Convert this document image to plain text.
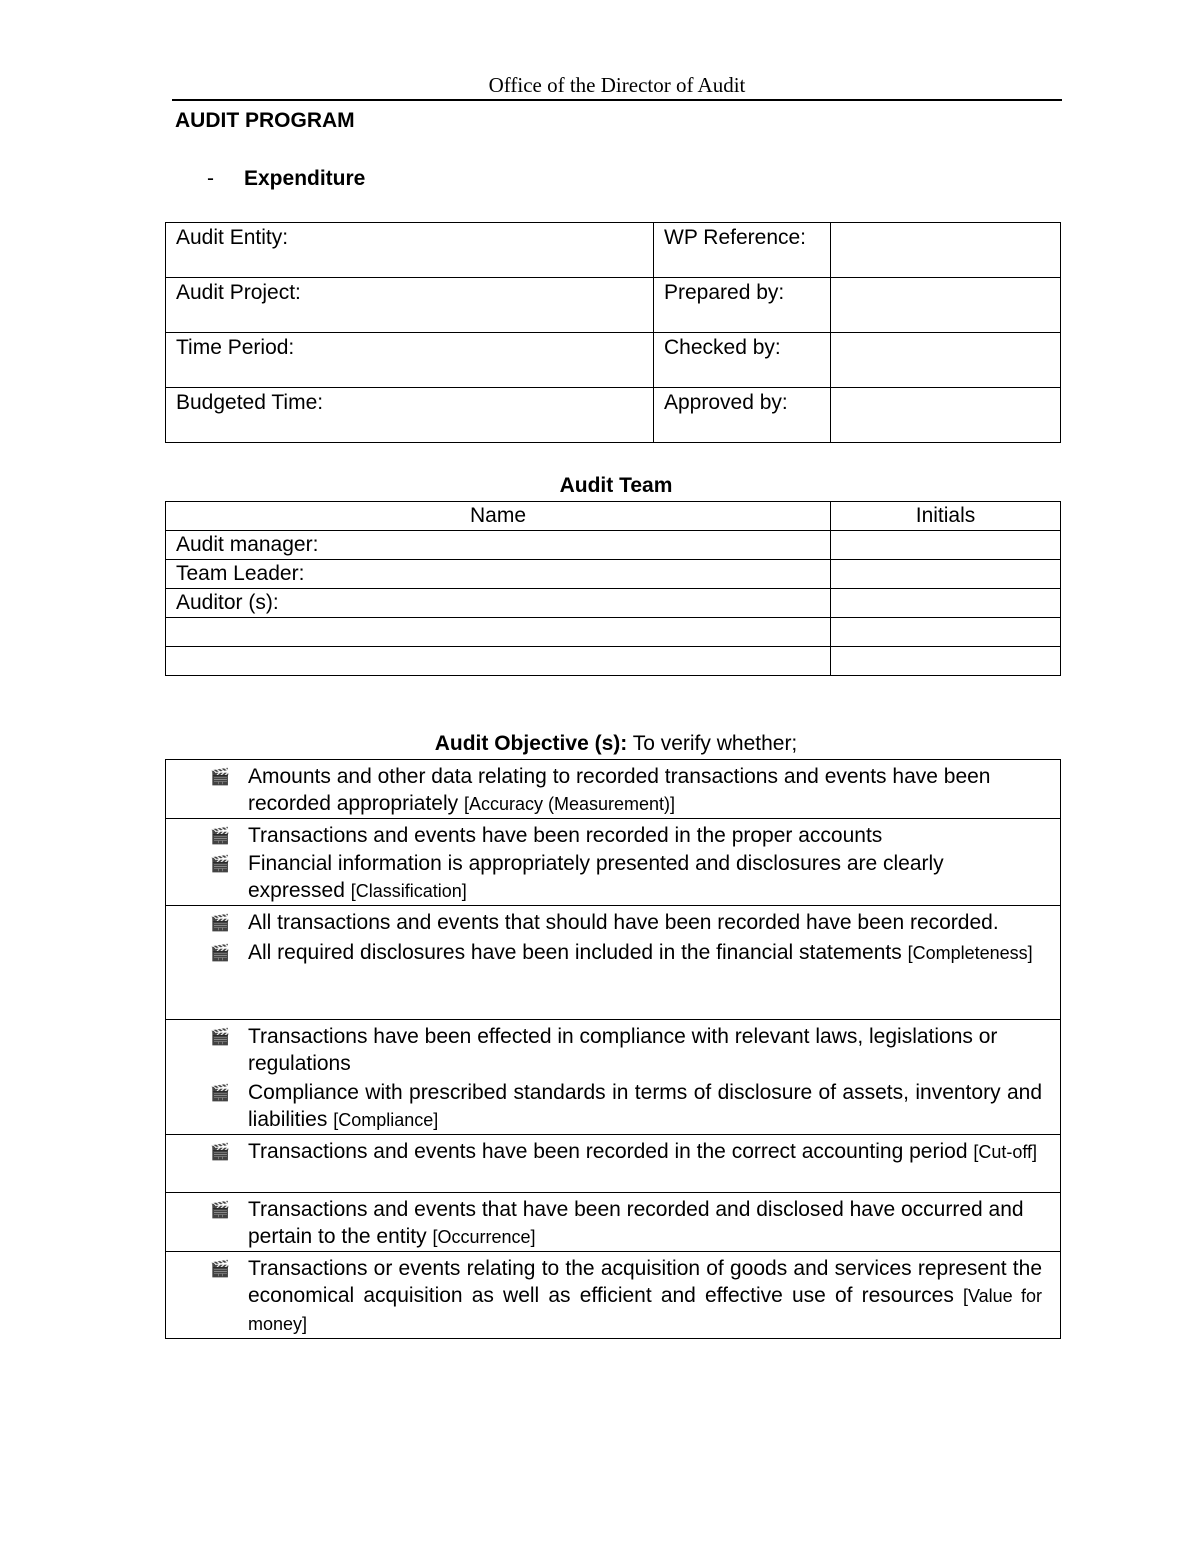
Office of the Director of Audit
AUDIT PROGRAM
- Expenditure
Audit Entity:	WP Reference:	
Audit Project:	Prepared by:	
Time Period:	Checked by:	
Budgeted Time:	Approved by:	
Audit Team
Name	Initials
Audit manager:	
Team Leader:	
Auditor (s):	

Audit Objective (s): To verify whether;
🎬 Amounts and other data relating to recorded transactions and events have been recorded appropriately [Accuracy (Measurement)]

🎬 Transactions and events have been recorded in the proper accounts
🎬 Financial information is appropriately presented and disclosures are clearly expressed [Classification]

🎬 All transactions and events that should have been recorded have been recorded.
🎬 All required disclosures have been included in the financial statements [Completeness]

🎬 Transactions have been effected in compliance with relevant laws, legislations or regulations
🎬 Compliance with prescribed standards in terms of disclosure of assets, inventory and liabilities [Compliance]

🎬 Transactions and events have been recorded in the correct accounting period [Cut-off]

🎬 Transactions and events that have been recorded and disclosed have occurred and pertain to the entity [Occurrence]

🎬 Transactions or events relating to the acquisition of goods and services represent the economical acquisition as well as efficient and effective use of resources [Value for money]
